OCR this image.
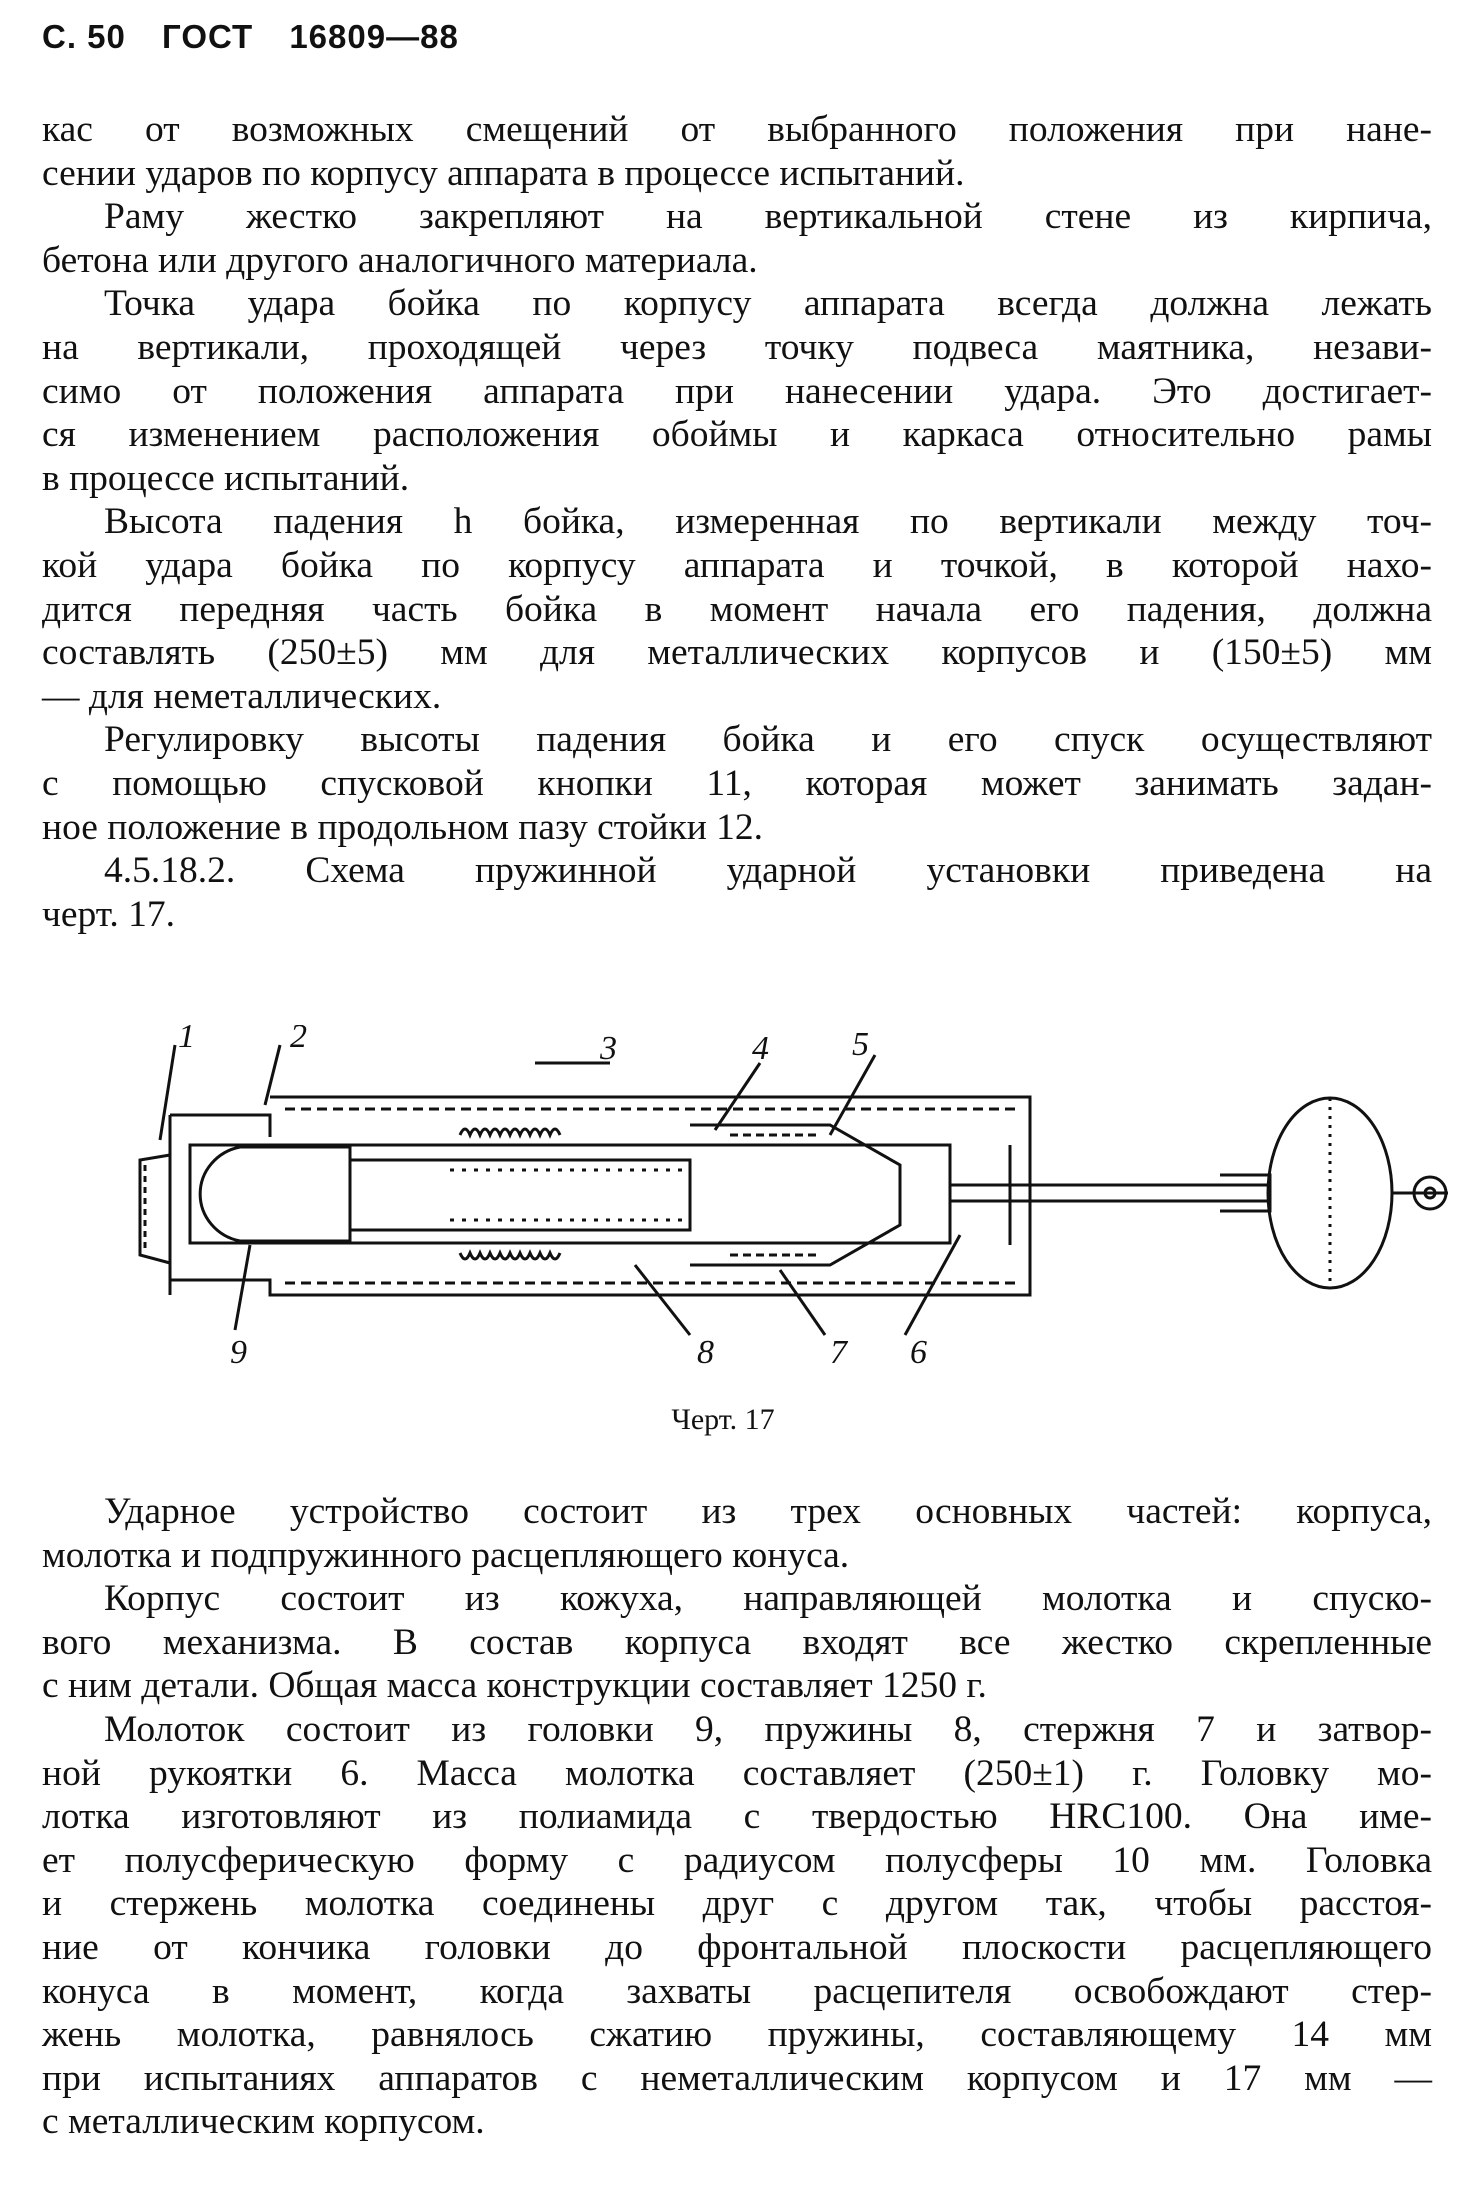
С. 50 ГОСТ 16809—88

кас от возможных смещений от выбранного положения при нане-

сении ударов по корпусу аппарата в процессе испытаний.

Раму жестко закрепляют на вертикальной стене из кирпича,

бетона или другого аналогичного материала.

Точка удара бойка по корпусу аппарата всегда должна лежать

на вертикали, проходящей через точку подвеса маятника, незави-

симо от положения аппарата при нанесении удара. Это достигает-

ся изменением расположения обоймы и каркаса относительно рамы

в процессе испытаний.

Высота падения h бойка, измеренная по вертикали между точ-

кой удара бойка по корпусу аппарата и точкой, в которой нахо-

дится передняя часть бойка в момент начала его падения, должна

составлять (250±5) мм для металлических корпусов и (150±5) мм

— для неметаллических.

Регулировку высоты падения бойка и его спуск осуществляют

с помощью спусковой кнопки 11, которая может занимать задан-

ное положение в продольном пазу стойки 12.

4.5.18.2. Схема пружинной ударной установки приведена на

черт. 17.

1	2	3	4 5
9	8	7 6
Черт. 17

Ударное устройство состоит из трех основных частей: корпуса,

молотка и подпружинного расцепляющего конуса.

Корпус состоит из кожуха, направляющей молотка и спуско-

вого механизма. В состав корпуса входят все жестко скрепленные

с ним детали. Общая масса конструкции составляет 1250 г.

Молоток состоит из головки 9, пружины 8, стержня 7 и затвор-

ной рукоятки 6. Масса молотка составляет (250±1) г. Головку мо-

лотка изготовляют из полиамида с твердостью HRC100. Она име-

ет полусферическую форму с радиусом полусферы 10 мм. Головка

и стержень молотка соединены друг с другом так, чтобы расстоя-

ние от кончика головки до фронтальной плоскости расцепляющего

конуса в момент, когда захваты расцепителя освобождают стер-

жень молотка, равнялось сжатию пружины, составляющему 14 мм

при испытаниях аппаратов с неметаллическим корпусом и 17 мм —

с металлическим корпусом.
